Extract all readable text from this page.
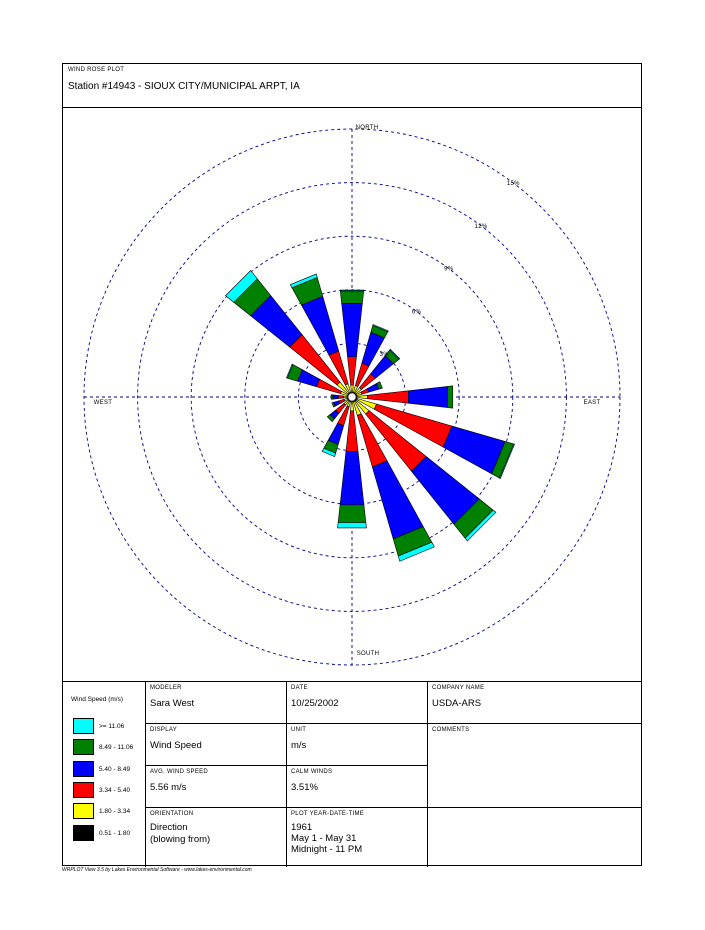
WIND ROSE PLOT
Station #14943 - SIOUX CITY/MUNICIPAL ARPT, IA
NORTH
SOUTH
EAST
WEST
3%
6%
9%
12%
15%
Wind Speed (m/s)
>= 11.06
8.49 - 11.06
5.40 - 8.49
3.34 - 5.40
1.80 - 3.34
0.51 - 1.80
MODELER
Sara West
DATE
10/25/2002
COMPANY NAME
USDA-ARS
DISPLAY
Wind Speed
UNIT
m/s
COMMENTS
AVG. WIND SPEED
5.56 m/s
CALM WINDS
3.51%
ORIENTATION
Direction
(blowing from)
PLOT YEAR-DATE-TIME
1961
May 1 - May 31
Midnight - 11 PM
WRPLOT View 3.5 by Lakes Environmental Software - www.lakes-environmental.com
